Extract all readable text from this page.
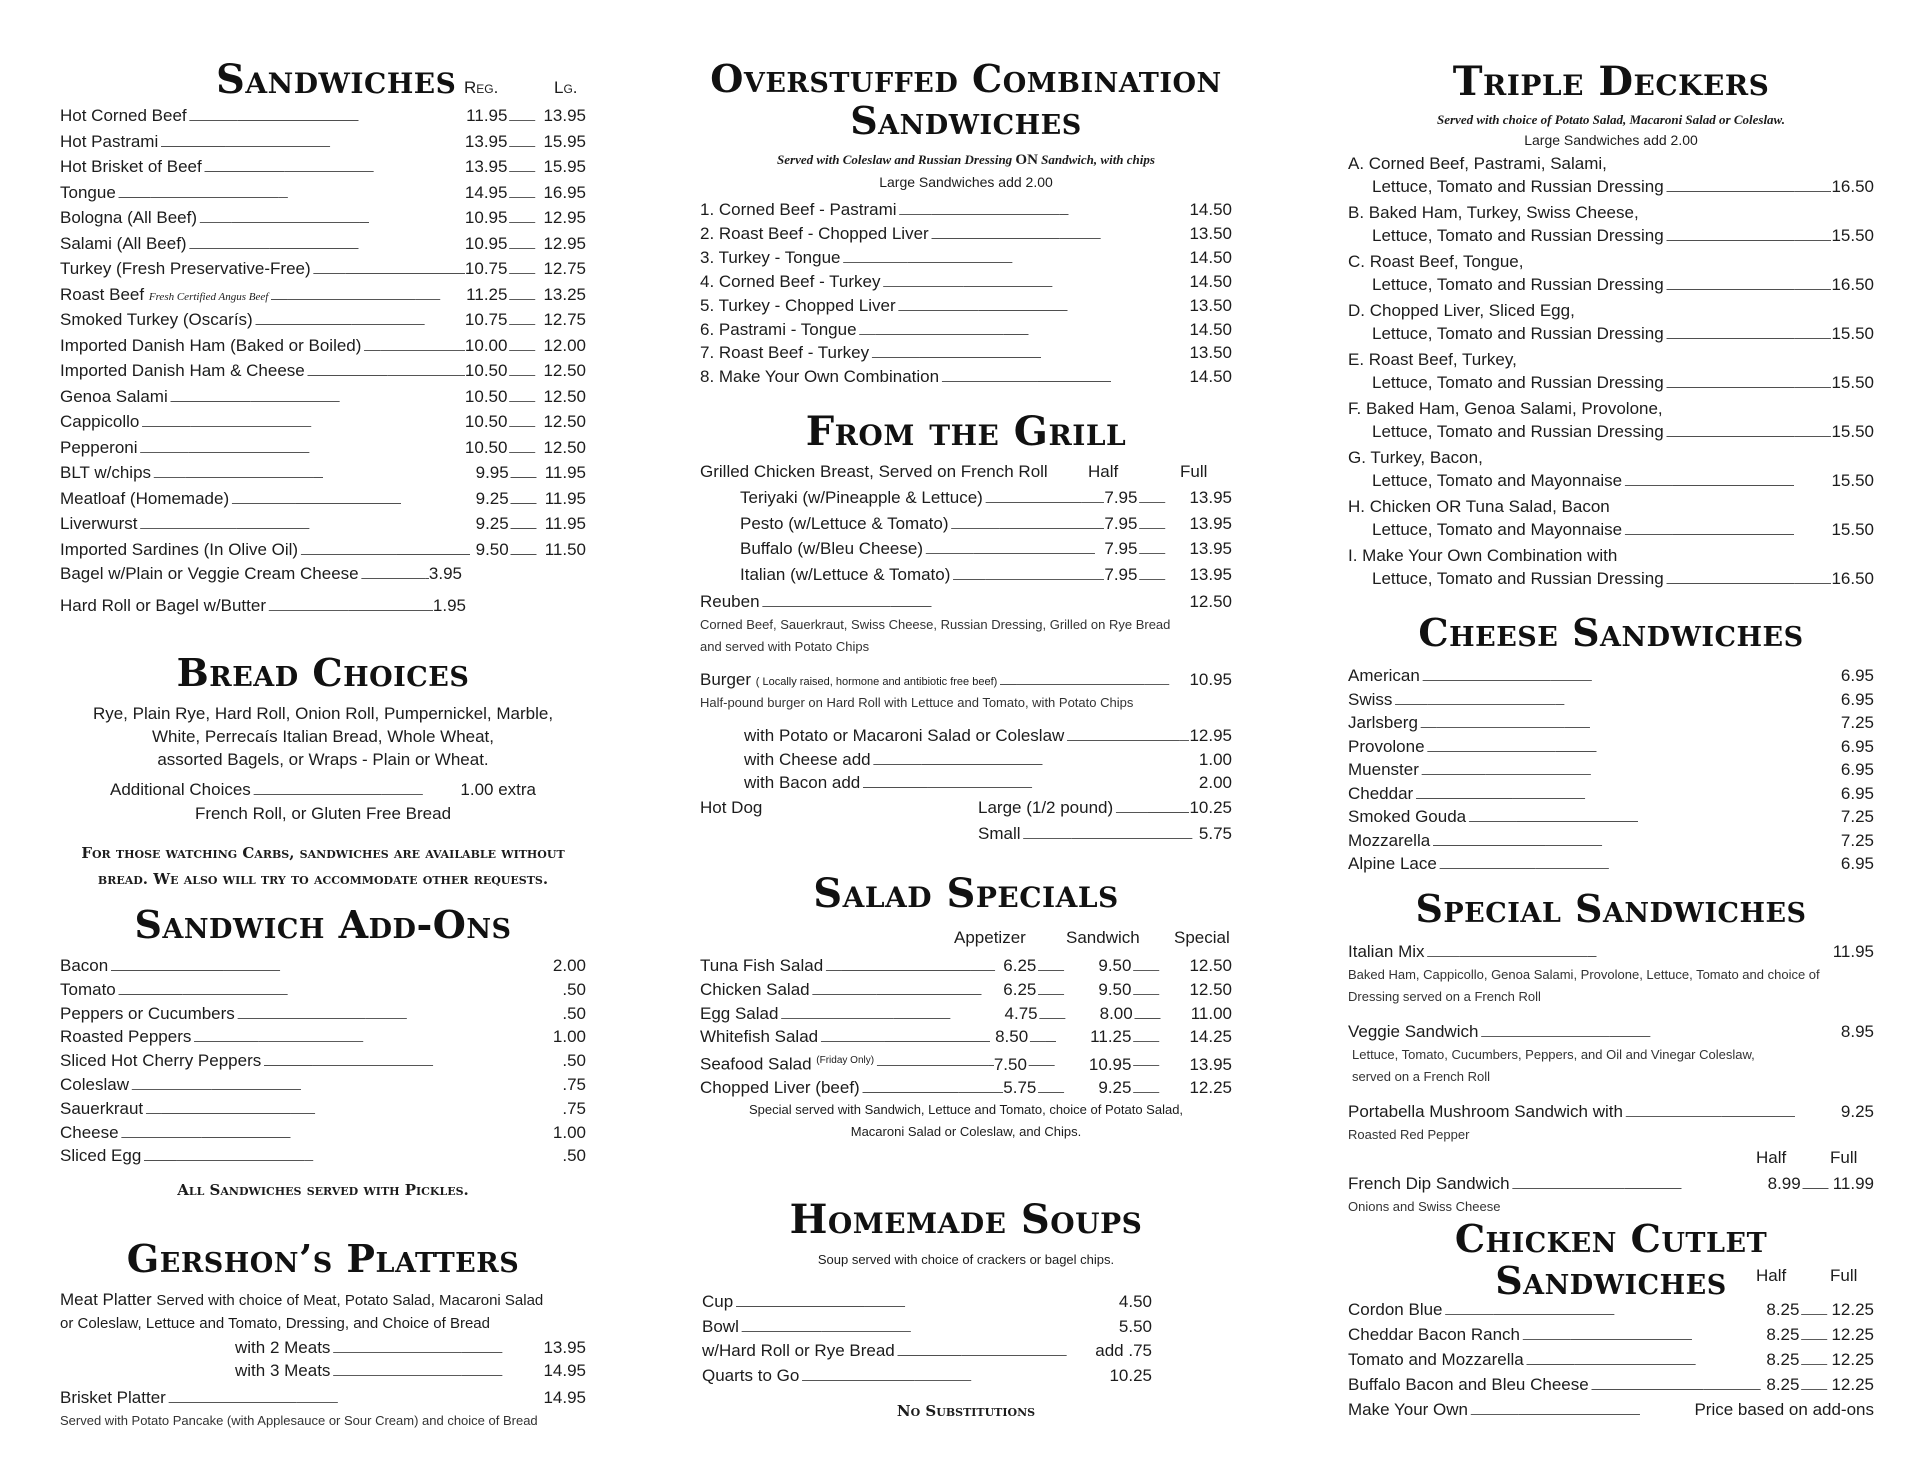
Sandwiches Reg.	Lg.
Hot Corned Beef . . .	11.95 . . . 13.95
Hot Pastrami . . .	13.95 . . . 15.95
Hot Brisket of Beef . . .	13.95 . . . 15.95
Tongue . . .	14.95 . . . 16.95
Bologna (All Beef) . . .	10.95 . . . 12.95
Salami (All Beef) . . .	10.95 . . . 12.95
Turkey (Fresh Preservative-Free) . . .	10.75 . . . 12.75
Roast Beef Fresh Certified Angus Beef . . .	11.25 . . . 13.25
Smoked Turkey (Oscarís) . . .	10.75 . . . 12.75
Imported Danish Ham (Baked or Boiled) . . .	10.00 . . . 12.00
Imported Danish Ham & Cheese . . .	10.50 . . . 12.50
Genoa Salami . . .	10.50 . . . 12.50
Cappicollo . . .	10.50 . . . 12.50
Pepperoni . . .	10.50 . . . 12.50
BLT w/chips . . .	9.95 . . . 11.95
Meatloaf (Homemade) . . .	9.25 . . . 11.95
Liverwurst . . .	9.25 . . . 11.95
Imported Sardines (In Olive Oil) . . .	9.50 . . . 11.50
Bagel w/Plain or Veggie Cream Cheese . . .	3.95
Hard Roll or Bagel w/Butter . . .	1.95
Bread Choices
Rye, Plain Rye, Hard Roll, Onion Roll, Pumpernickel, Marble,
White, Perrecaís Italian Bread, Whole Wheat,
assorted Bagels, or Wraps - Plain or Wheat.
Additional Choices . . .	1.00 extra
French Roll, or Gluten Free Bread
For those watching Carbs, sandwiches are available without
bread. We also will try to accommodate other requests.
Sandwich Add-Ons
Bacon . . .	2.00
Tomato . . .	.50
Peppers or Cucumbers . . .	.50
Roasted Peppers . . .	1.00
Sliced Hot Cherry Peppers . . .	.50
Coleslaw . . .	.75
Sauerkraut . . .	.75
Cheese . . .	1.00
Sliced Egg . . .	.50
All Sandwiches served with Pickles.
Gershon’s Platters
Meat Platter Served with choice of Meat, Potato Salad, Macaroni Salad
or Coleslaw, Lettuce and Tomato, Dressing, and Choice of Bread
with 2 Meats . . .	13.95
with 3 Meats . . .	14.95
Brisket Platter . . .	14.95
Served with Potato Pancake (with Applesauce or Sour Cream) and choice of Bread
Overstuffed Combination
Sandwiches
Served with Coleslaw and Russian Dressing ON Sandwich, with chips
Large Sandwiches add 2.00
1. Corned Beef - Pastrami . . .	14.50
2. Roast Beef - Chopped Liver . . .	13.50
3. Turkey - Tongue . . .	14.50
4. Corned Beef - Turkey . . .	14.50
5. Turkey - Chopped Liver . . .	13.50
6. Pastrami - Tongue . . .	14.50
7. Roast Beef - Turkey . . .	13.50
8. Make Your Own Combination . . .	14.50
From the Grill
Grilled Chicken Breast, Served on French Roll Half	Full
Teriyaki (w/Pineapple & Lettuce) . . .	7.95 . . .	13.95
Pesto (w/Lettuce & Tomato) . . .	7.95 . . .	13.95
Buffalo (w/Bleu Cheese) . . .	7.95 . . .	13.95
Italian (w/Lettuce & Tomato) . . .	7.95 . . .	13.95
Reuben . . .	12.50
Corned Beef, Sauerkraut, Swiss Cheese, Russian Dressing, Grilled on Rye Bread
and served with Potato Chips
Burger ( Locally raised, hormone and antibiotic free beef) . . .	10.95
Half-pound burger on Hard Roll with Lettuce and Tomato, with Potato Chips
with Potato or Macaroni Salad or Coleslaw . . .	12.95
with Cheese add . . .	1.00
with Bacon add . . .	2.00
Hot Dog	Large (1/2 pound) . . .	10.25
Small . . .	5.75
Salad Specials
Appetizer Sandwich Special
Tuna Fish Salad . . .	6.25 . . .	9.50 . . .	12.50
Chicken Salad . . .	6.25 . . .	9.50 . . .	12.50
Egg Salad . . .	4.75 . . .	8.00 . . .	11.00
Whitefish Salad . . .	8.50 . . .	11.25 . . .	14.25
Seafood Salad $^{(Friday Only)}$ . . .	7.50 . . .	10.95 . . .	13.95
Chopped Liver (beef) . . .	5.75 . . .	9.25 . . .	12.25
Special served with Sandwich, Lettuce and Tomato, choice of Potato Salad,
Macaroni Salad or Coleslaw, and Chips.
Homemade Soups
Soup served with choice of crackers or bagel chips.
Cup . . .	4.50
Bowl . . .	5.50
w/Hard Roll or Rye Bread . . .	add .75
Quarts to Go . . .	10.25
No Substitutions
Triple Deckers
Served with choice of Potato Salad, Macaroni Salad or Coleslaw.
Large Sandwiches add 2.00
A. Corned Beef, Pastrami, Salami,
Lettuce, Tomato and Russian Dressing . . .	16.50
B. Baked Ham, Turkey, Swiss Cheese,
Lettuce, Tomato and Russian Dressing . . .	15.50
C. Roast Beef, Tongue,
Lettuce, Tomato and Russian Dressing . . .	16.50
D. Chopped Liver, Sliced Egg,
Lettuce, Tomato and Russian Dressing . . .	15.50
E. Roast Beef, Turkey,
Lettuce, Tomato and Russian Dressing . . .	15.50
F. Baked Ham, Genoa Salami, Provolone,
Lettuce, Tomato and Russian Dressing . . .	15.50
G. Turkey, Bacon,
Lettuce, Tomato and Mayonnaise . . .	15.50
H. Chicken OR Tuna Salad, Bacon
Lettuce, Tomato and Mayonnaise . . .	15.50
I. Make Your Own Combination with
Lettuce, Tomato and Russian Dressing . . .	16.50
Cheese Sandwiches
American . . .	6.95
Swiss . . .	6.95
Jarlsberg . . .	7.25
Provolone . . .	6.95
Muenster . . .	6.95
Cheddar . . .	6.95
Smoked Gouda . . .	7.25
Mozzarella . . .	7.25
Alpine Lace . . .	6.95
Special Sandwiches
Italian Mix . . .	11.95
Baked Ham, Cappicollo, Genoa Salami, Provolone, Lettuce, Tomato and choice of
Dressing served on a French Roll
Veggie Sandwich . . .	8.95
Lettuce, Tomato, Cucumbers, Peppers, and Oil and Vinegar Coleslaw,
served on a French Roll
Portabella Mushroom Sandwich with . . .	9.25
Roasted Red Pepper
Half	Full
French Dip Sandwich . . .	8.99 . . . 11.99
Onions and Swiss Cheese
Chicken Cutlet Sandwiches	Half	Full
Cordon Blue . . .	8.25 . . . 12.25
Cheddar Bacon Ranch . . .	8.25 . . . 12.25
Tomato and Mozzarella . . .	8.25 . . . 12.25
Buffalo Bacon and Bleu Cheese . . .	8.25 . . . 12.25
Make Your Own . . .	Price based on add-ons
